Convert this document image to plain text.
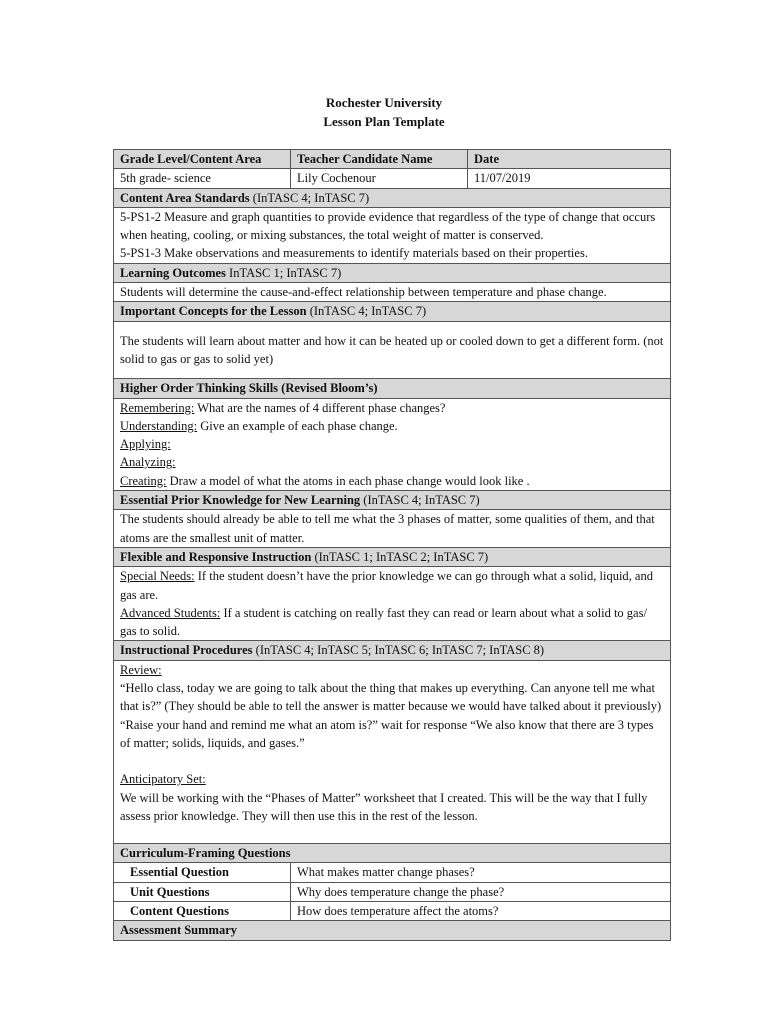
Rochester University
Lesson Plan Template
Grade Level/Content Area	Teacher Candidate Name	Date
5th grade- science	Lily Cochenour	11/07/2019
Content Area Standards (InTASC 4; InTASC 7)		

5-PS1-2 Measure and graph quantities to provide evidence that regardless of the type of change that occurs when heating, cooling, or mixing substances, the total weight of matter is conserved.
5-PS1-3 Make observations and measurements to identify materials based on their properties.		

Learning Outcomes InTASC 1; InTASC 7)		
Students will determine the cause-and-effect relationship between temperature and phase change.		
Important Concepts for the Lesson (InTASC 4; InTASC 7)		
The students will learn about matter and how it can be heated up or cooled down to get a different form. (not solid to gas or gas to solid yet)		
Higher Order Thinking Skills (Revised Bloom’s)		

Remembering: What are the names of 4 different phase changes?
Understanding: Give an example of each phase change.
Applying:
Analyzing:
Creating: Draw a model of what the atoms in each phase change would look like .		

Essential Prior Knowledge for New Learning (InTASC 4; InTASC 7)		
The students should already be able to tell me what the 3 phases of matter, some qualities of them, and that atoms are the smallest unit of matter.		
Flexible and Responsive Instruction (InTASC 1; InTASC 2; InTASC 7)		

Special Needs: If the student doesn’t have the prior knowledge we can go through what a solid, liquid, and gas are.
Advanced Students: If a student is catching on really fast they can read or learn about what a solid to gas/ gas to solid.		

Instructional Procedures (InTASC 4; InTASC 5; InTASC 6; InTASC 7; InTASC 8)		

Review:
“Hello class, today we are going to talk about the thing that makes up everything. Can anyone tell me what that is?” (They should be able to tell the answer is matter because we would have talked about it previously) “Raise your hand and remind me what an atom is?” wait for response “We also know that there are 3 types of matter; solids, liquids, and gases.”
Anticipatory Set:
We will be working with the “Phases of Matter” worksheet that I created. This will be the way that I fully assess prior knowledge. They will then use this in the rest of the lesson.		

Curriculum-Framing Questions		
Essential Question	What makes matter change phases?	
Unit Questions	Why does temperature change the phase?	
Content Questions	How does temperature affect the atoms?	
Assessment Summary		
